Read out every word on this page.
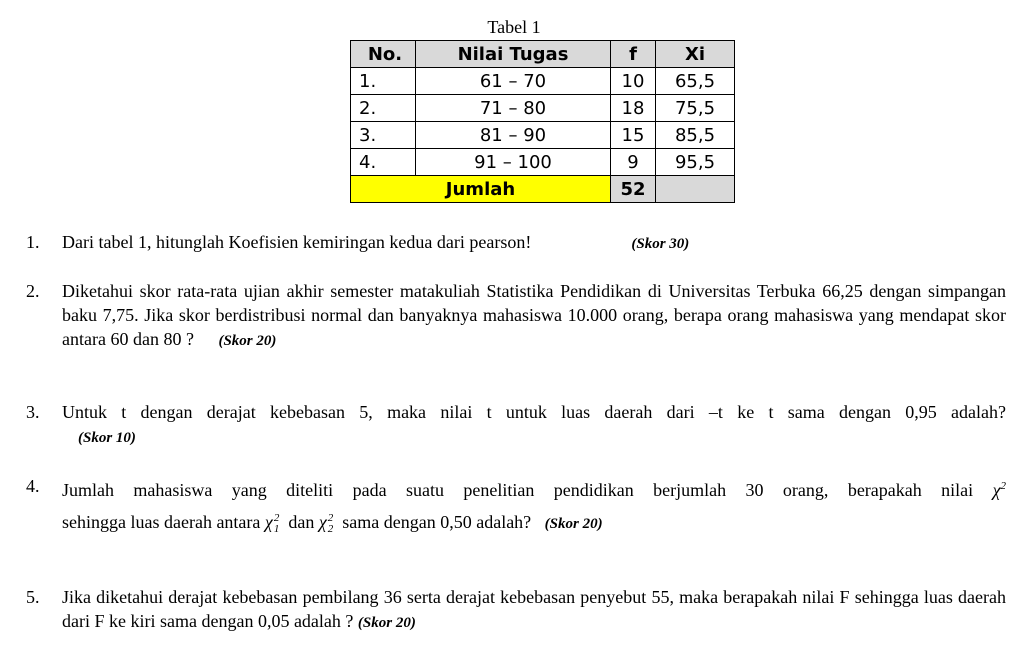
Tabel 1
No.	Nilai Tugas	f	Xi
1.	61 – 70	10	65,5
2.	71 – 80	18	75,5
3.	81 – 90	15	85,5
4.	91 – 100	9	95,5
Jumlah		52	
1. Dari tabel 1, hitunglah Koefisien kemiringan kedua dari pearson!	(Skor 30)
2. Diketahui skor rata-rata ujian akhir semester matakuliah Statistika Pendidikan di Universitas Terbuka 66,25 dengan simpangan baku 7,75. Jika skor berdistribusi normal dan banyaknya mahasiswa 10.000 orang, berapa orang mahasiswa yang mendapat skor antara 60 dan 80 ? (Skor 20)
3. Untuk t dengan derajat kebebasan 5, maka nilai t untuk luas daerah dari –t ke t sama dengan 0,95 adalah?
(Skor 10)
4. Jumlah mahasiswa yang diteliti pada suatu penelitian pendidikan berjumlah 30 orang, berapakah nilai $\chi^2$
sehingga luas daerah antara χ 2
1 dan χ 2
2 sama dengan 0,50 adalah? (Skor 20)
5. Jika diketahui derajat kebebasan pembilang 36 serta derajat kebebasan penyebut 55, maka berapakah nilai F sehingga luas daerah dari F ke kiri sama dengan 0,05 adalah ? (Skor 20)
